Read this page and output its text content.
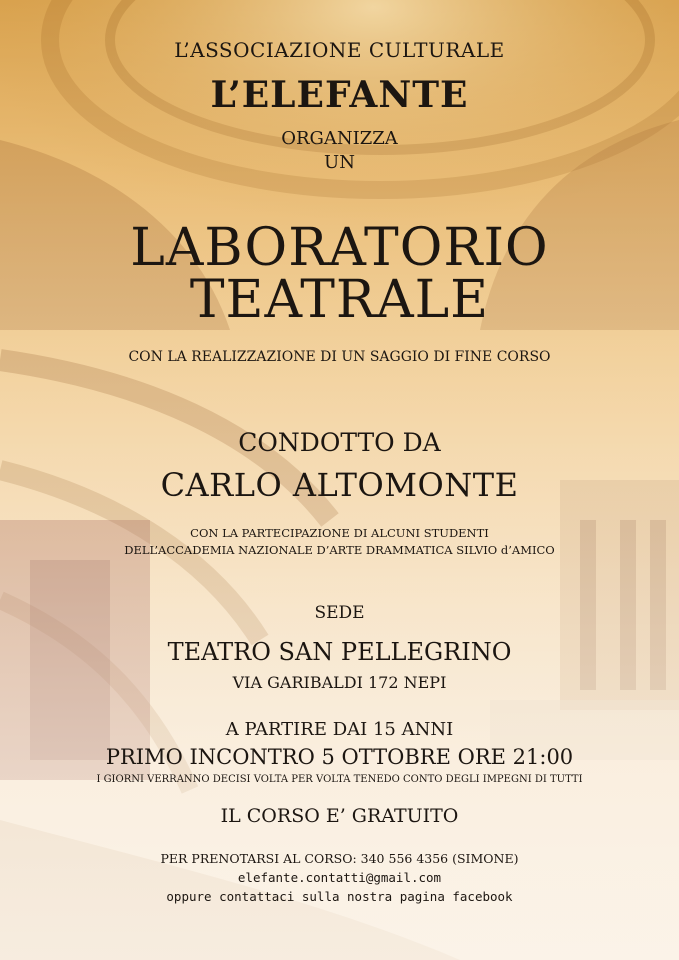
L’ASSOCIAZIONE CULTURALE
L’ELEFANTE
ORGANIZZA
UN
LABORATORIO
TEATRALE
CON LA REALIZZAZIONE DI UN SAGGIO DI FINE CORSO
CONDOTTO DA
CARLO ALTOMONTE
CON LA PARTECIPAZIONE DI ALCUNI STUDENTI
DELL’ACCADEMIA NAZIONALE D’ARTE DRAMMATICA SILVIO d’AMICO
SEDE
TEATRO SAN PELLEGRINO
VIA GARIBALDI 172 NEPI
A PARTIRE DAI 15 ANNI
PRIMO INCONTRO 5 OTTOBRE ORE 21:00
I GIORNI VERRANNO DECISI VOLTA PER VOLTA TENEDO CONTO DEGLI IMPEGNI DI TUTTI
IL CORSO E’ GRATUITO
PER PRENOTARSI AL CORSO: 340 556 4356 (SIMONE)
elefante.contatti@gmail.com
oppure contattaci sulla nostra pagina facebook
